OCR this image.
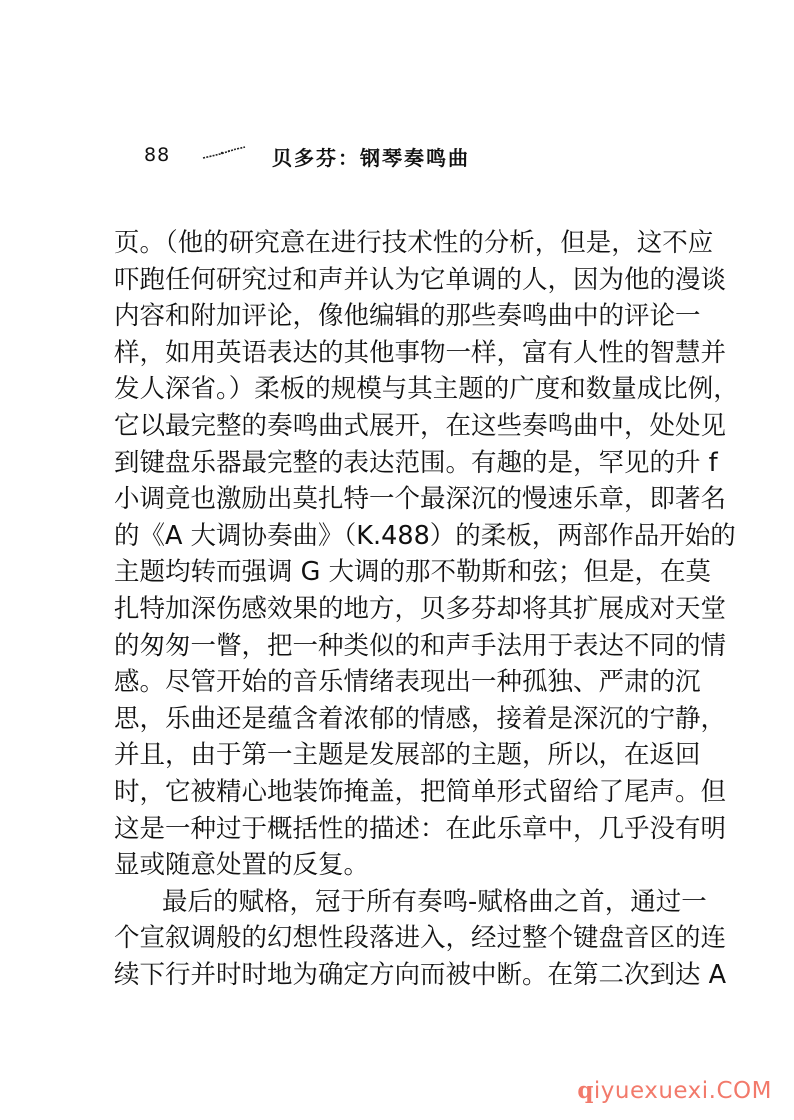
88	贝多芬：钢琴奏鸣曲
页。（他的研究意在进行技术性的分析，但是，这不应
吓跑任何研究过和声并认为它单调的人，因为他的漫谈
内容和附加评论，像他编辑的那些奏鸣曲中的评论一
样，如用英语表达的其他事物一样，富有人性的智慧并
发人深省。）柔板的规模与其主题的广度和数量成比例，
它以最完整的奏鸣曲式展开，在这些奏鸣曲中，处处见
到键盘乐器最完整的表达范围。有趣的是，罕见的升 f
小调竟也激励出莫扎特一个最深沉的慢速乐章，即著名
的《A 大调协奏曲》（K.488）的柔板，两部作品开始的
主题均转而强调 G 大调的那不勒斯和弦；但是，在莫
扎特加深伤感效果的地方，贝多芬却将其扩展成对天堂
的匆匆一瞥，把一种类似的和声手法用于表达不同的情
感。尽管开始的音乐情绪表现出一种孤独、严肃的沉
思，乐曲还是蕴含着浓郁的情感，接着是深沉的宁静，
并且，由于第一主题是发展部的主题，所以，在返回
时，它被精心地装饰掩盖，把简单形式留给了尾声。但
这是一种过于概括性的描述：在此乐章中，几乎没有明
显或随意处置的反复。
最后的赋格，冠于所有奏鸣-赋格曲之首，通过一
个宣叙调般的幻想性段落进入，经过整个键盘音区的连
续下行并时时地为确定方向而被中断。在第二次到达 A
qiyuexuexi.COM
